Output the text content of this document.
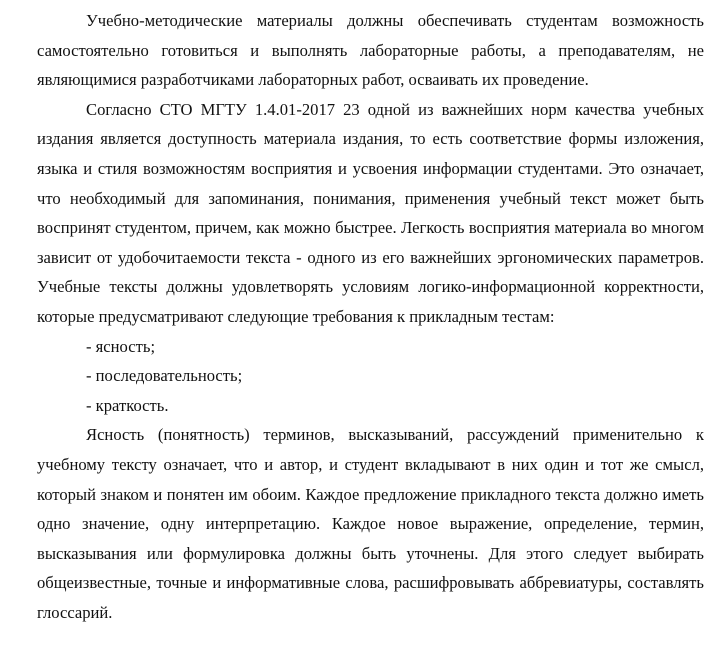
Учебно-методические материалы должны обеспечивать студентам возможность самостоятельно готовиться и выполнять лабораторные работы, а преподавателям, не являющимися разработчиками лабораторных работ, осваивать их проведение.

Согласно СТО МГТУ 1.4.01-2017 23 одной из важнейших норм качества учебных издания является доступность материала издания, то есть соответствие формы изложения, языка и стиля возможностям восприятия и усвоения информации студентами. Это означает, что необходимый для запоминания, понимания, применения учебный текст может быть воспринят студентом, причем, как можно быстрее. Легкость восприятия материала во многом зависит от удобочитаемости текста - одного из его важнейших эргономических параметров. Учебные тексты должны удовлетворять условиям логико-информационной корректности, которые предусматривают следующие требования к прикладным тестам:

- ясность;

- последовательность;

- краткость.

Ясность (понятность) терминов, высказываний, рассуждений применительно к учебному тексту означает, что и автор, и студент вкладывают в них один и тот же смысл, который знаком и понятен им обоим. Каждое предложение прикладного текста должно иметь одно значение, одну интерпретацию. Каждое новое выражение, определение, термин, высказывания или формулировка должны быть уточнены. Для этого следует выбирать общеизвестные, точные и информативные слова, расшифровывать аббревиатуры, составлять глоссарий.
